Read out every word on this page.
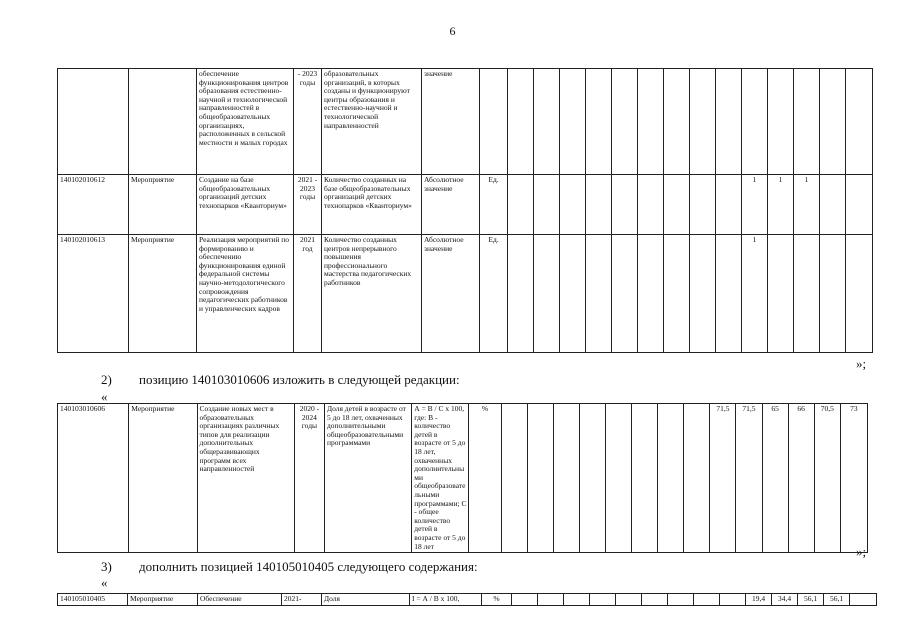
6
		обеспечение функционирования центров образования естественно-научной и технологической направленностей в общеобразовательных организациях, расположенных в сельской местности и малых городах	- 2023 годы	образовательных организаций, в которых созданы и функционируют центры образования и естественно-научной и технологической направленностей	значение															
140102010612	Мероприятие	Создание на базе общеобразовательных организаций детских технопарков «Кванториум»	2021 - 2023 годы	Количество созданных на базе общеобразовательных организаций детских технопарков «Кванториум»	Абсолютное значение	Ед.										1	1	1		
140102010613	Мероприятие	Реализация мероприятий по формированию и обеспечению функционирования единой федеральной системы научно-методологического сопровождения педагогических работников и управленческих кадров	2021 год	Количество созданных центров непрерывного повышения профессионального мастерства педагогических работников	Абсолютное значение	Ед.										1				
»;
2) позицию 140103010606 изложить в следующей редакции:
«
140103010606	Мероприятие	Создание новых мест в образовательных организациях различных типов для реализации дополнительных общеразвивающих программ всех направленностей	2020 - 2024 годы	Доля детей в возрасте от 5 до 18 лет, охваченных дополнительными общеобразовательными программами	А = В / С х 100, где: В - количество детей в возрасте от 5 до 18 лет, охваченных дополнительными общеобразовательными программами; С - общее количество детей в возрасте от 5 до 18 лет	%									71,5	71,5	65	66	70,5	73
»;
3) дополнить позицией 140105010405 следующего содержания:
«
140105010405	Мероприятие	Обеспечение	2021-	Доля	I = А / В х 100,	%										19,4	34,4	56,1	56,1	
